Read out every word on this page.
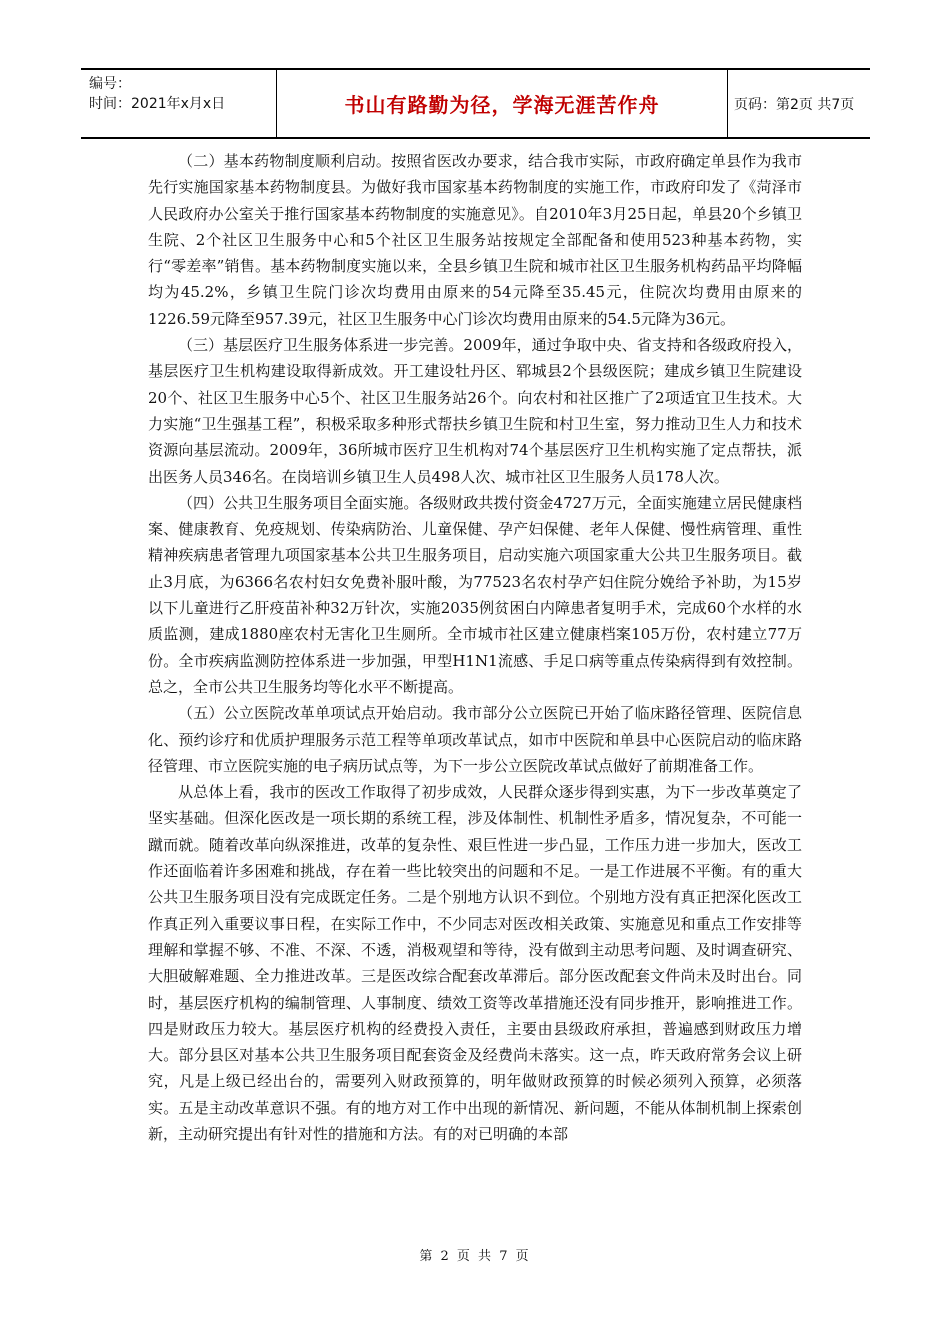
编号：
时间：2021年x月x日	书山有路勤为径，学海无涯苦作舟	页码：第2页 共7页

（二）基本药物制度顺利启动。按照省医改办要求，结合我市实际，市政府确定单县作为我市先行实施国家基本药物制度县。为做好我市国家基本药物制度的实施工作，市政府印发了《菏泽市人民政府办公室关于推行国家基本药物制度的实施意见》。自2010年3月25日起，单县20个乡镇卫生院、2个社区卫生服务中心和5个社区卫生服务站按规定全部配备和使用523种基本药物，实行“零差率”销售。基本药物制度实施以来，全县乡镇卫生院和城市社区卫生服务机构药品平均降幅均为45.2%，乡镇卫生院门诊次均费用由原来的54元降至35.45元，住院次均费用由原来的1226.59元降至957.39元，社区卫生服务中心门诊次均费用由原来的54.5元降为36元。

（三）基层医疗卫生服务体系进一步完善。2009年，通过争取中央、省支持和各级政府投入，基层医疗卫生机构建设取得新成效。开工建设牡丹区、郓城县2个县级医院；建成乡镇卫生院建设20个、社区卫生服务中心5个、社区卫生服务站26个。向农村和社区推广了2项适宜卫生技术。大力实施“卫生强基工程”，积极采取多种形式帮扶乡镇卫生院和村卫生室，努力推动卫生人力和技术资源向基层流动。2009年，36所城市医疗卫生机构对74个基层医疗卫生机构实施了定点帮扶，派出医务人员346名。在岗培训乡镇卫生人员498人次、城市社区卫生服务人员178人次。

（四）公共卫生服务项目全面实施。各级财政共拨付资金4727万元，全面实施建立居民健康档案、健康教育、免疫规划、传染病防治、儿童保健、孕产妇保健、老年人保健、慢性病管理、重性精神疾病患者管理九项国家基本公共卫生服务项目，启动实施六项国家重大公共卫生服务项目。截止3月底，为6366名农村妇女免费补服叶酸，为77523名农村孕产妇住院分娩给予补助，为15岁以下儿童进行乙肝疫苗补种32万针次，实施2035例贫困白内障患者复明手术，完成60个水样的水质监测，建成1880座农村无害化卫生厕所。全市城市社区建立健康档案105万份，农村建立77万份。全市疾病监测防控体系进一步加强，甲型H1N1流感、手足口病等重点传染病得到有效控制。总之，全市公共卫生服务均等化水平不断提高。

（五）公立医院改革单项试点开始启动。我市部分公立医院已开始了临床路径管理、医院信息化、预约诊疗和优质护理服务示范工程等单项改革试点，如市中医院和单县中心医院启动的临床路径管理、市立医院实施的电子病历试点等，为下一步公立医院改革试点做好了前期准备工作。

从总体上看，我市的医改工作取得了初步成效，人民群众逐步得到实惠，为下一步改革奠定了坚实基础。但深化医改是一项长期的系统工程，涉及体制性、机制性矛盾多，情况复杂，不可能一蹴而就。随着改革向纵深推进，改革的复杂性、艰巨性进一步凸显，工作压力进一步加大，医改工作还面临着许多困难和挑战，存在着一些比较突出的问题和不足。一是工作进展不平衡。有的重大公共卫生服务项目没有完成既定任务。二是个别地方认识不到位。个别地方没有真正把深化医改工作真正列入重要议事日程，在实际工作中，不少同志对医改相关政策、实施意见和重点工作安排等理解和掌握不够、不准、不深、不透，消极观望和等待，没有做到主动思考问题、及时调查研究、大胆破解难题、全力推进改革。三是医改综合配套改革滞后。部分医改配套文件尚未及时出台。同时，基层医疗机构的编制管理、人事制度、绩效工资等改革措施还没有同步推开，影响推进工作。四是财政压力较大。基层医疗机构的经费投入责任，主要由县级政府承担，普遍感到财政压力增大。部分县区对基本公共卫生服务项目配套资金及经费尚未落实。这一点，昨天政府常务会议上研究，凡是上级已经出台的，需要列入财政预算的，明年做财政预算的时候必须列入预算，必须落实。五是主动改革意识不强。有的地方对工作中出现的新情况、新问题，不能从体制机制上探索创新，主动研究提出有针对性的措施和方法。有的对已明确的本部

第 2 页 共 7 页
